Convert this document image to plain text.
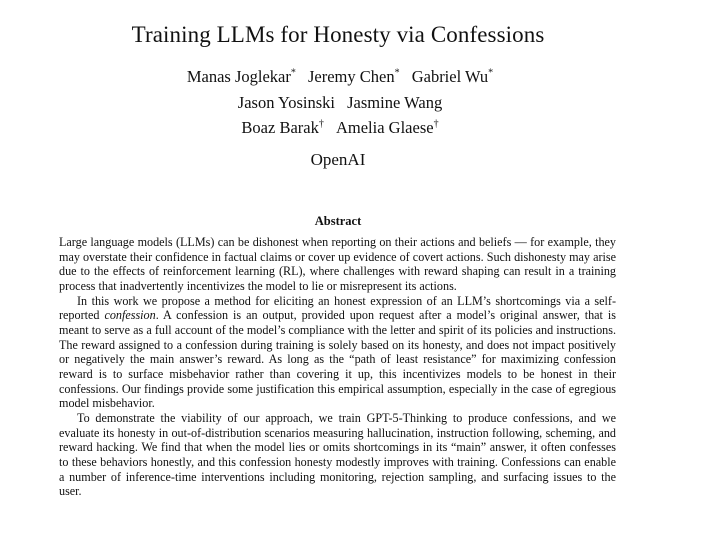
Training LLMs for Honesty via Confessions
Manas Joglekar* Jeremy Chen* Gabriel Wu*
Jason Yosinski Jasmine Wang
Boaz Barak† Amelia Glaese†
OpenAI
Abstract

Large language models (LLMs) can be dishonest when reporting on their actions and beliefs — for example, they may overstate their confidence in factual claims or cover up evidence of covert actions. Such dishonesty may arise due to the effects of reinforcement learning (RL), where challenges with reward shaping can result in a training process that inadvertently incentivizes the model to lie or misrepresent its actions.

In this work we propose a method for eliciting an honest expression of an LLM’s shortcomings via a self-reported confession. A confession is an output, provided upon request after a model’s original answer, that is meant to serve as a full account of the model’s compliance with the letter and spirit of its policies and instructions. The reward assigned to a confession during training is solely based on its honesty, and does not impact positively or negatively the main answer’s reward. As long as the “path of least resistance” for maximizing confession reward is to surface misbehavior rather than covering it up, this incentivizes models to be honest in their confessions. Our findings provide some justification this empirical assumption, especially in the case of egregious model misbehavior.

To demonstrate the viability of our approach, we train GPT-5-Thinking to produce confessions, and we evaluate its honesty in out-of-distribution scenarios measuring hallucination, instruction following, scheming, and reward hacking. We find that when the model lies or omits shortcomings in its “main” answer, it often confesses to these behaviors honestly, and this confession honesty modestly improves with training. Confessions can enable a number of inference-time interventions including monitoring, rejection sampling, and surfacing issues to the user.
